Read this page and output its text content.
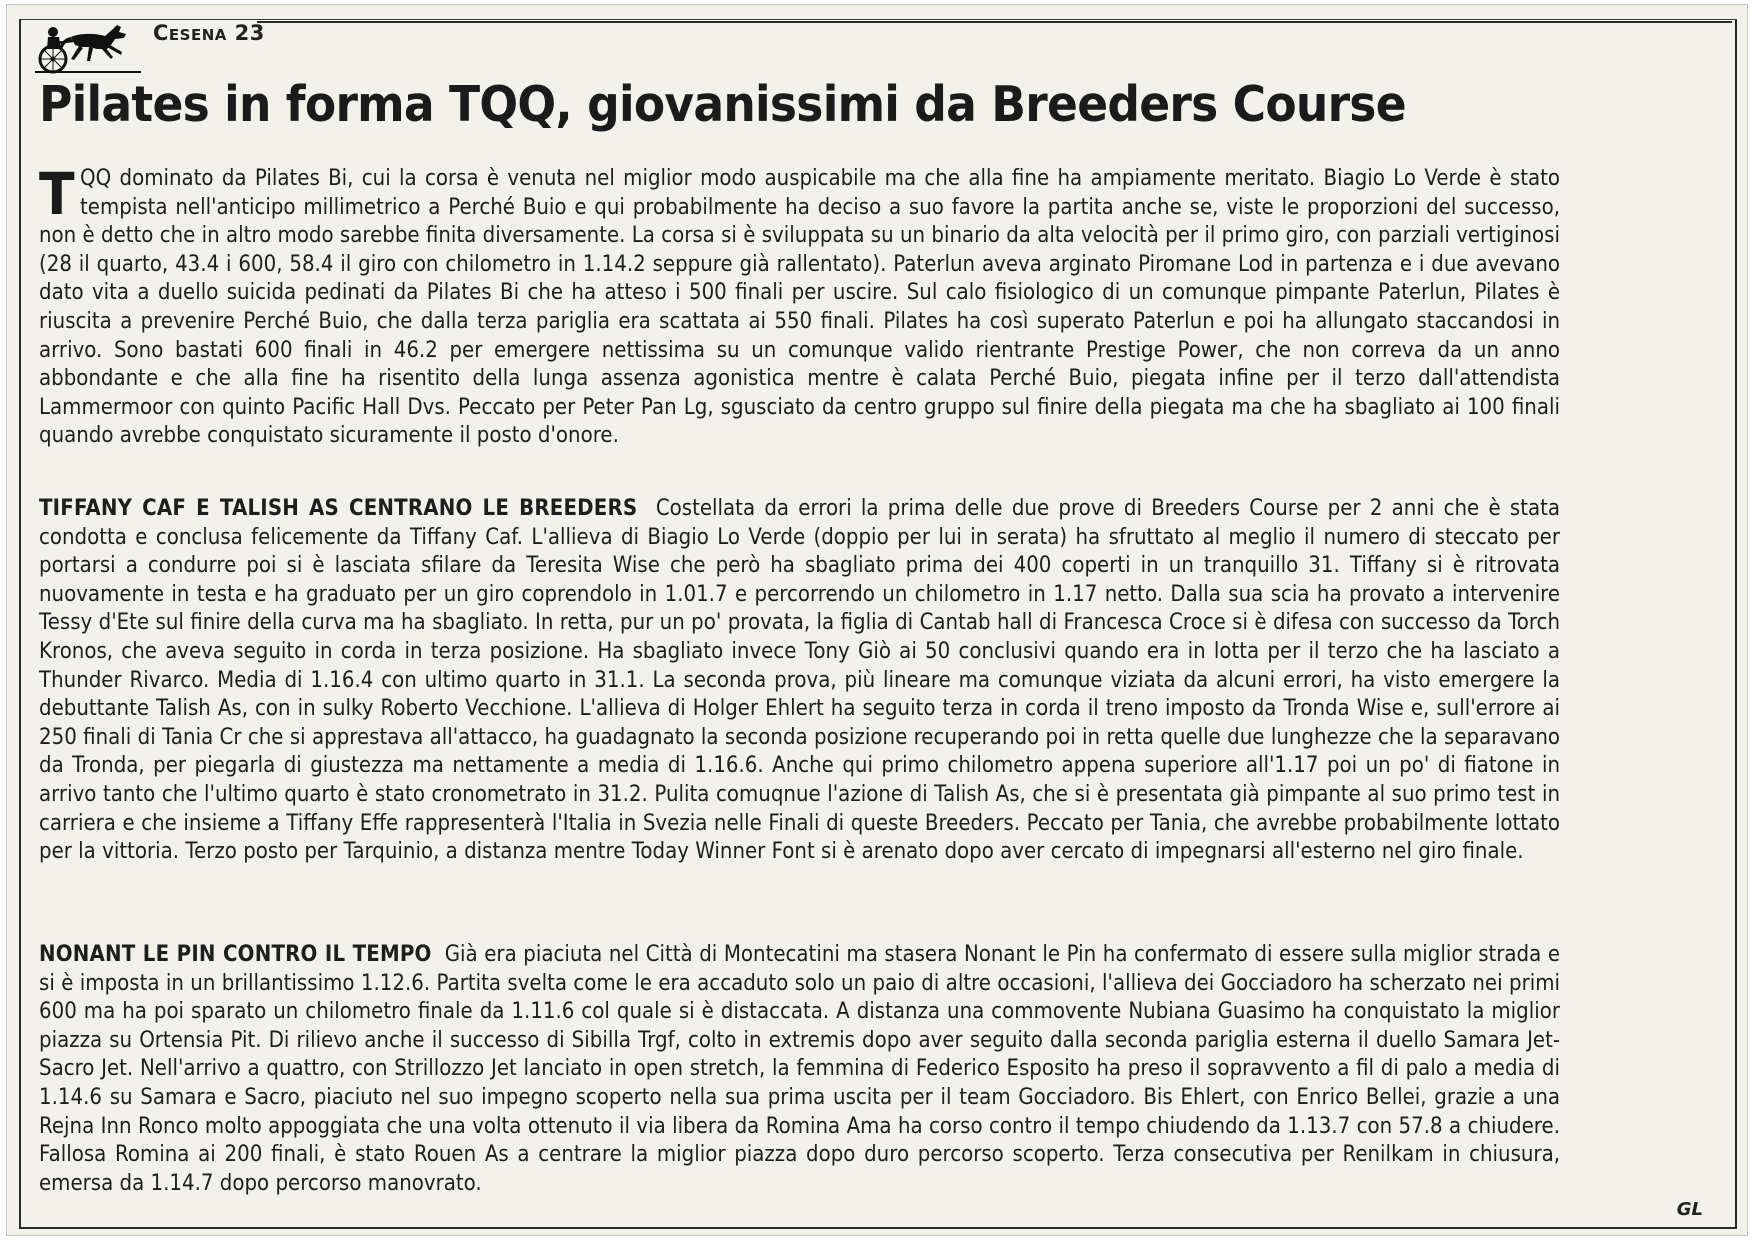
Cesena 23
Pilates in forma TQQ, giovanissimi da Breeders Course

TQQ dominato da Pilates Bi, cui la corsa è venuta nel miglior modo auspicabile ma che alla fine ha ampiamente meritato. Biagio Lo Verde è stato tempista nell'anticipo millimetrico a Perché Buio e qui probabilmente ha deciso a suo favore la partita anche se, viste le proporzioni del successo, non è detto che in altro modo sarebbe finita diversamente. La corsa si è sviluppata su un binario da alta velocità per il primo giro, con parziali vertiginosi (28 il quarto, 43.4 i 600, 58.4 il giro con chilometro in 1.14.2 seppure già rallentato). Paterlun aveva arginato Piromane Lod in partenza e i due avevano dato vita a duello suicida pedinati da Pilates Bi che ha atteso i 500 finali per uscire. Sul calo fisiologico di un comunque pimpante Paterlun, Pilates è riuscita a prevenire Perché Buio, che dalla terza pariglia era scattata ai 550 finali. Pilates ha così superato Paterlun e poi ha allungato staccandosi in arrivo. Sono bastati 600 finali in 46.2 per emergere nettissima su un comunque valido rientrante Prestige Power, che non correva da un anno abbondante e che alla fine ha risentito della lunga assenza agonistica mentre è calata Perché Buio, piegata infine per il terzo dall'attendista Lammermoor con quinto Pacific Hall Dvs. Peccato per Peter Pan Lg, sgusciato da centro gruppo sul finire della piegata ma che ha sbagliato ai 100 finali quando avrebbe conquistato sicuramente il posto d'onore.

TIFFANY CAF E TALISH AS CENTRANO LE BREEDERS Costellata da errori la prima delle due prove di Breeders Course per 2 anni che è stata condotta e conclusa felicemente da Tiffany Caf. L'allieva di Biagio Lo Verde (doppio per lui in serata) ha sfruttato al meglio il numero di steccato per portarsi a condurre poi si è lasciata sfilare da Teresita Wise che però ha sbagliato prima dei 400 coperti in un tranquillo 31. Tiffany si è ritrovata nuovamente in testa e ha graduato per un giro coprendolo in 1.01.7 e percorrendo un chilometro in 1.17 netto. Dalla sua scia ha provato a intervenire Tessy d'Ete sul finire della curva ma ha sbagliato. In retta, pur un po' provata, la figlia di Cantab hall di Francesca Croce si è difesa con successo da Torch Kronos, che aveva seguito in corda in terza posizione. Ha sbagliato invece Tony Giò ai 50 conclusivi quando era in lotta per il terzo che ha lasciato a Thunder Rivarco. Media di 1.16.4 con ultimo quarto in 31.1. La seconda prova, più lineare ma comunque viziata da alcuni errori, ha visto emergere la debuttante Talish As, con in sulky Roberto Vecchione. L'allieva di Holger Ehlert ha seguito terza in corda il treno imposto da Tronda Wise e, sull'errore ai 250 finali di Tania Cr che si apprestava all'attacco, ha guadagnato la seconda posizione recuperando poi in retta quelle due lunghezze che la separavano da Tronda, per piegarla di giustezza ma nettamente a media di 1.16.6. Anche qui primo chilometro appena superiore all'1.17 poi un po' di fiatone in arrivo tanto che l'ultimo quarto è stato cronometrato in 31.2. Pulita comuqnue l'azione di Talish As, che si è presentata già pimpante al suo primo test in carriera e che insieme a Tiffany Effe rappresenterà l'Italia in Svezia nelle Finali di queste Breeders. Peccato per Tania, che avrebbe probabilmente lottato per la vittoria. Terzo posto per Tarquinio, a distanza mentre Today Winner Font si è arenato dopo aver cercato di impegnarsi all'esterno nel giro finale.

NONANT LE PIN CONTRO IL TEMPO Già era piaciuta nel Città di Montecatini ma stasera Nonant le Pin ha confermato di essere sulla miglior strada e si è imposta in un brillantissimo 1.12.6. Partita svelta come le era accaduto solo un paio di altre occasioni, l'allieva dei Gocciadoro ha scherzato nei primi 600 ma ha poi sparato un chilometro finale da 1.11.6 col quale si è distaccata. A distanza una commovente Nubiana Guasimo ha conquistato la miglior piazza su Ortensia Pit. Di rilievo anche il successo di Sibilla Trgf, colto in extremis dopo aver seguito dalla seconda pariglia esterna il duello Samara Jet-Sacro Jet. Nell'arrivo a quattro, con Strillozzo Jet lanciato in open stretch, la femmina di Federico Esposito ha preso il sopravvento a fil di palo a media di 1.14.6 su Samara e Sacro, piaciuto nel suo impegno scoperto nella sua prima uscita per il team Gocciadoro. Bis Ehlert, con Enrico Bellei, grazie a una Rejna Inn Ronco molto appoggiata che una volta ottenuto il via libera da Romina Ama ha corso contro il tempo chiudendo da 1.13.7 con 57.8 a chiudere. Fallosa Romina ai 200 finali, è stato Rouen As a centrare la miglior piazza dopo duro percorso scoperto. Terza consecutiva per Renilkam in chiusura, emersa da 1.14.7 dopo percorso manovrato.

GL
